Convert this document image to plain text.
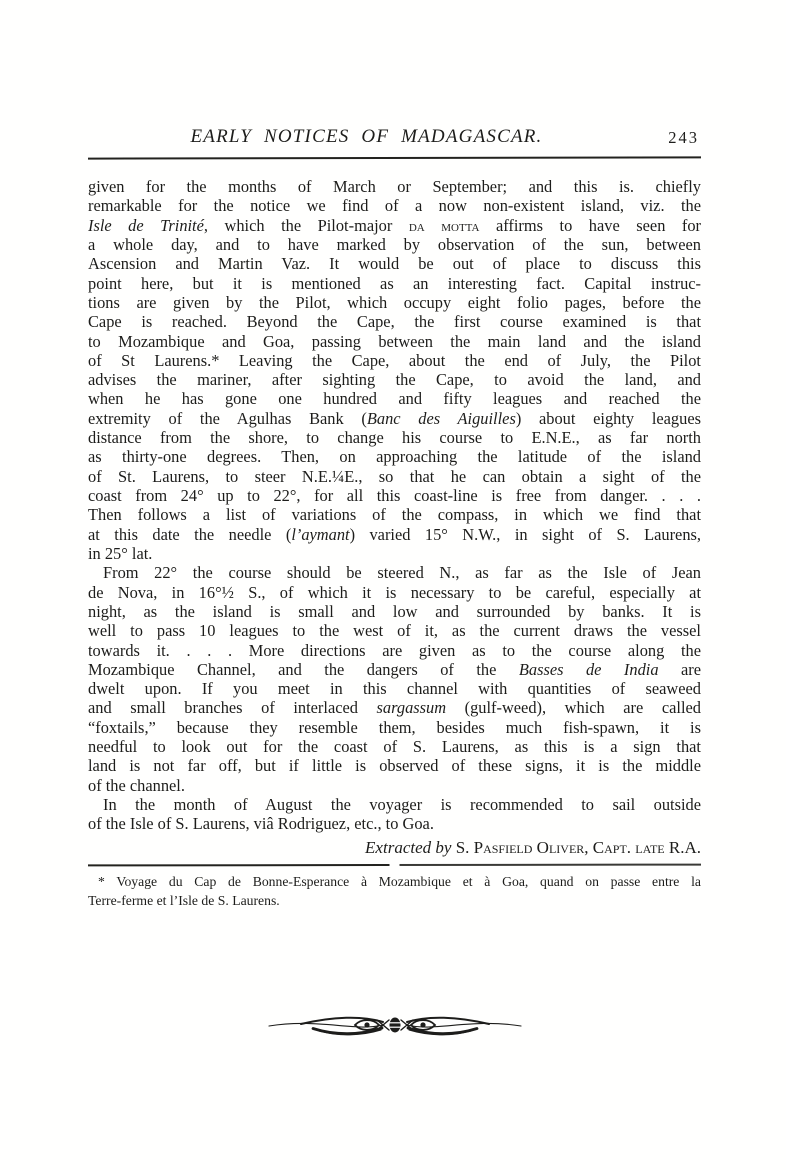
EARLY NOTICES OF MADAGASCAR.	243
given for the months of March or September; and this is. chiefly
remarkable for the notice we find of a now non-existent island, viz. the
Isle de Trinité, which the Pilot-major da motta affirms to have seen for
a whole day, and to have marked by observation of the sun, between
Ascension and Martin Vaz. It would be out of place to discuss this
point here, but it is mentioned as an interesting fact. Capital instruc-
tions are given by the Pilot, which occupy eight folio pages, before the
Cape is reached. Beyond the Cape, the first course examined is that
to Mozambique and Goa, passing between the main land and the island
of St Laurens.* Leaving the Cape, about the end of July, the Pilot
advises the mariner, after sighting the Cape, to avoid the land, and
when he has gone one hundred and fifty leagues and reached the
extremity of the Agulhas Bank (Banc des Aiguilles) about eighty leagues
distance from the shore, to change his course to E.N.E., as far north
as thirty-one degrees. Then, on approaching the latitude of the island
of St. Laurens, to steer N.E.¼E., so that he can obtain a sight of the
coast from 24° up to 22°, for all this coast-line is free from danger. . . .
Then follows a list of variations of the compass, in which we find that
at this date the needle (l’aymant) varied 15° N.W., in sight of S. Laurens,
in 25° lat.
From 22° the course should be steered N., as far as the Isle of Jean
de Nova, in 16°½ S., of which it is necessary to be careful, especially at
night, as the island is small and low and surrounded by banks. It is
well to pass 10 leagues to the west of it, as the current draws the vessel
towards it. . . . More directions are given as to the course along the
Mozambique Channel, and the dangers of the Basses de India are
dwelt upon. If you meet in this channel with quantities of seaweed
and small branches of interlaced sargassum (gulf-weed), which are called
“foxtails,” because they resemble them, besides much fish-spawn, it is
needful to look out for the coast of S. Laurens, as this is a sign that
land is not far off, but if little is observed of these signs, it is the middle
of the channel.
In the month of August the voyager is recommended to sail outside
of the Isle of S. Laurens, viâ Rodriguez, etc., to Goa.
Extracted by S. Pasfield Oliver, Capt. late R.A.
* Voyage du Cap de Bonne-Esperance à Mozambique et à Goa, quand on passe entre la
Terre-ferme et l’Isle de S. Laurens.
